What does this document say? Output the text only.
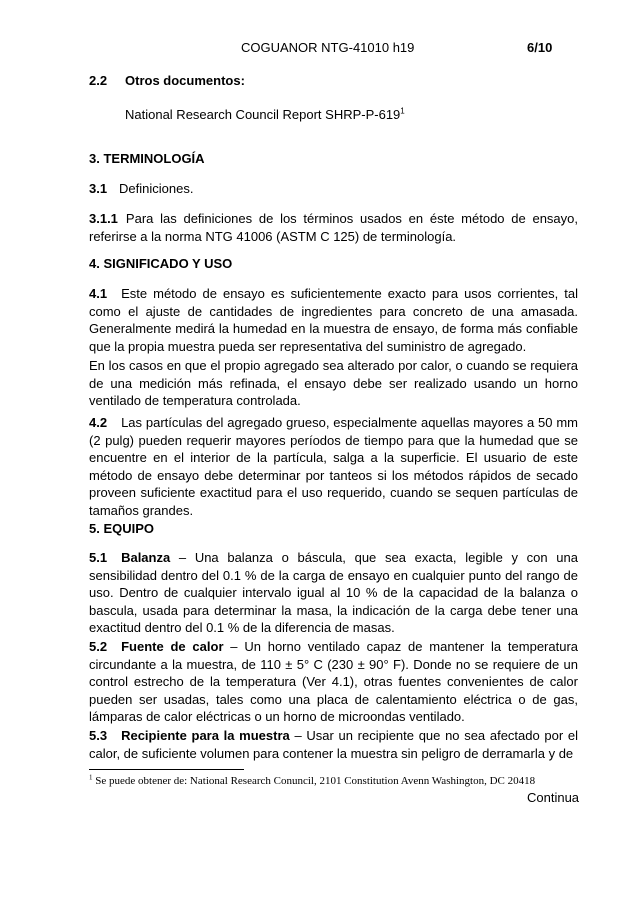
COGUANOR NTG-41010 h19	6/10
2.2 Otros documentos:
National Research Council Report SHRP-$P-619^1$
3. TERMINOLOGÍA
3.1 Definiciones.
3.1.1 Para las definiciones de los términos usados en éste método de ensayo, referirse a la norma NTG 41006 (ASTM C 125) de terminología.
4. SIGNIFICADO Y USO
4.1 Este método de ensayo es suficientemente exacto para usos corrientes, tal como el ajuste de cantidades de ingredientes para concreto de una amasada. Generalmente medirá la humedad en la muestra de ensayo, de forma más confiable que la propia muestra pueda ser representativa del suministro de agregado.
En los casos en que el propio agregado sea alterado por calor, o cuando se requiera de una medición más refinada, el ensayo debe ser realizado usando un horno ventilado de temperatura controlada.
4.2 Las partículas del agregado grueso, especialmente aquellas mayores a 50 mm (2 pulg) pueden requerir mayores períodos de tiempo para que la humedad que se encuentre en el interior de la partícula, salga a la superficie. El usuario de este método de ensayo debe determinar por tanteos si los métodos rápidos de secado proveen suficiente exactitud para el uso requerido, cuando se sequen partículas de tamaños grandes.
5. EQUIPO
5.1 Balanza – Una balanza o báscula, que sea exacta, legible y con una sensibilidad dentro del 0.1 % de la carga de ensayo en cualquier punto del rango de uso. Dentro de cualquier intervalo igual al 10 % de la capacidad de la balanza o bascula, usada para determinar la masa, la indicación de la carga debe tener una exactitud dentro del 0.1 % de la diferencia de masas.
5.2 Fuente de calor – Un horno ventilado capaz de mantener la temperatura circundante a la muestra, de 110 ± 5° C (230 ± 90° F). Donde no se requiere de un control estrecho de la temperatura (Ver 4.1), otras fuentes convenientes de calor pueden ser usadas, tales como una placa de calentamiento eléctrica o de gas, lámparas de calor eléctricas o un horno de microondas ventilado.
5.3 Recipiente para la muestra – Usar un recipiente que no sea afectado por el calor, de suficiente volumen para contener la muestra sin peligro de derramarla y de
$^1$ Se puede obtener de: National Research Conuncil, 2101 Constitution Avenn Washington, DC 20418
Continua
